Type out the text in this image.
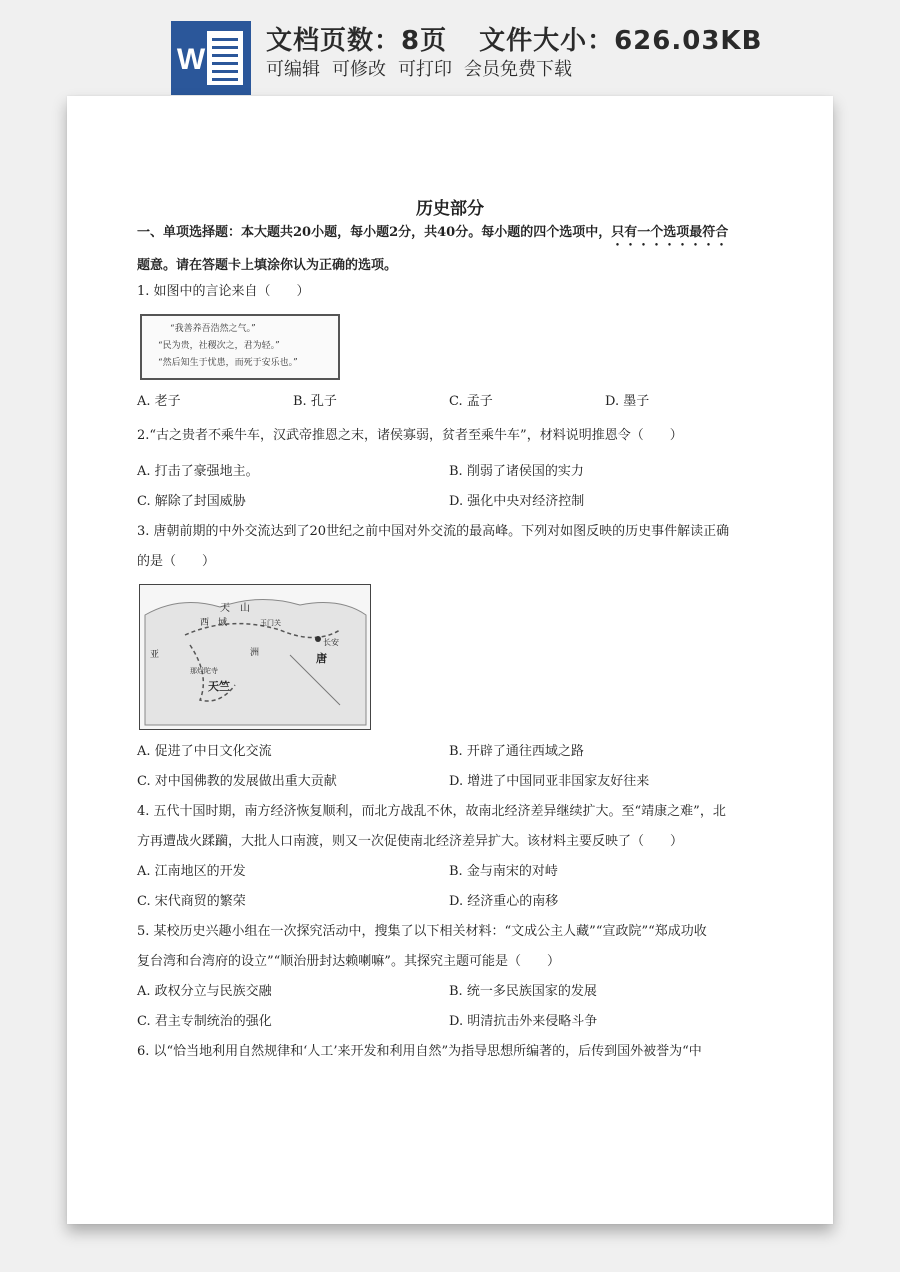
W
文档页数：8页 文件大小：626.03KB
可编辑 可修改 可打印 会员免费下载
历史部分
一、单项选择题：本大题共20小题，每小题2分，共40分。每小题的四个选项中，只有一个选项最符合
题意。请在答题卡上填涂你认为正确的选项。
1. 如图中的言论来自（　　）
“我善养吾浩然之气。”
“民为贵，社稷次之，君为轻。”
“然后知生于忧患，而死于安乐也。”
A. 老子	B. 孔子	C. 孟子	D. 墨子
2.“古之贵者不乘牛车，汉武帝推恩之末，诸侯寡弱，贫者至乘牛车”，材料说明推恩令（　　）
A. 打击了豪强地主。	B. 削弱了诸侯国的实力
C. 解除了封国威胁	D. 强化中央对经济控制
3. 唐朝前期的中外交流达到了20世纪之前中国对外交流的最高峰。下列对如图反映的历史事件解读正确
的是（　　）
天　山
西　域	玉门关
长安
洲	唐
天竺
亚
那烂陀寺
A. 促进了中日文化交流	B. 开辟了通往西域之路
C. 对中国佛教的发展做出重大贡献	D. 增进了中国同亚非国家友好往来
4. 五代十国时期，南方经济恢复顺利，而北方战乱不休，故南北经济差异继续扩大。至“靖康之难”，北
方再遭战火蹂躏，大批人口南渡，则又一次促使南北经济差异扩大。该材料主要反映了（　　）
A. 江南地区的开发	B. 金与南宋的对峙
C. 宋代商贸的繁荣	D. 经济重心的南移
5. 某校历史兴趣小组在一次探究活动中，搜集了以下相关材料：“文成公主人藏”“宣政院”“郑成功收
复台湾和台湾府的设立”“顺治册封达赖喇嘛”。其探究主题可能是（　　）
A. 政权分立与民族交融	B. 统一多民族国家的发展
C. 君主专制统治的强化	D. 明清抗击外来侵略斗争
6. 以“恰当地利用自然规律和‘人工’来开发和利用自然”为指导思想所编著的，后传到国外被誉为“中
